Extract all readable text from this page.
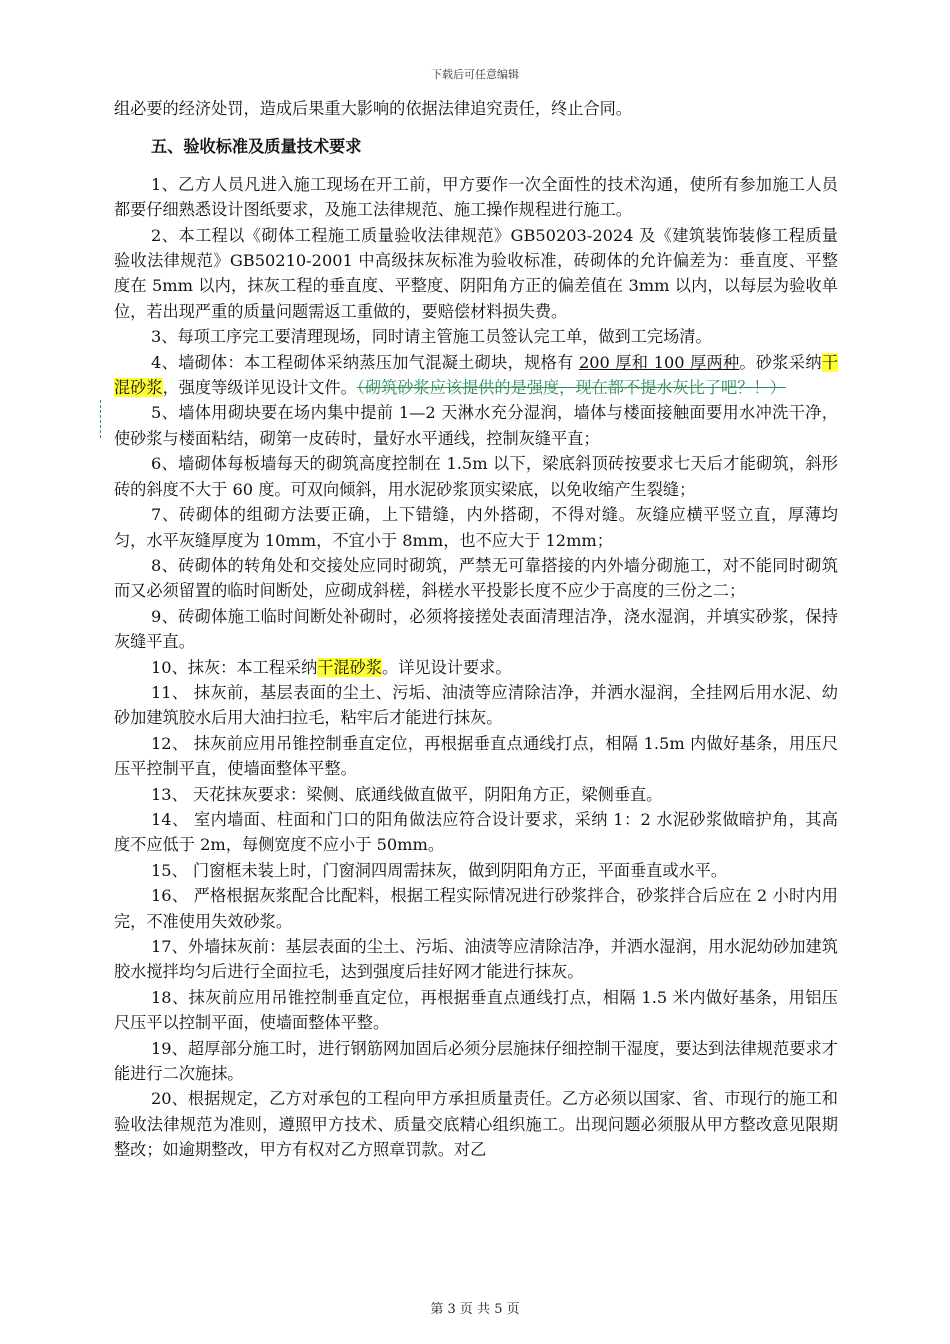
下载后可任意编辑

组必要的经济处罚，造成后果重大影响的依据法律追究责任，终止合同。

五、验收标准及质量技术要求

1、乙方人员凡进入施工现场在开工前，甲方要作一次全面性的技术沟通，使所有参加施工人员都要仔细熟悉设计图纸要求，及施工法律规范、施工操作规程进行施工。

2、本工程以《砌体工程施工质量验收法律规范》GB50203-2024 及《建筑装饰装修工程质量验收法律规范》GB50210-2001 中高级抹灰标准为验收标准，砖砌体的允许偏差为：垂直度、平整度在 5mm 以内，抹灰工程的垂直度、平整度、阴阳角方正的偏差值在 3mm 以内，以每层为验收单位，若出现严重的质量问题需返工重做的，要赔偿材料损失费。

3、每项工序完工要清理现场，同时请主管施工员签认完工单，做到工完场清。

4、墙砌体：本工程砌体采纳蒸压加气混凝土砌块，规格有 200 厚和 100 厚两种。砂浆采纳干混砂浆，强度等级详见设计文件。（砌筑砂浆应该提供的是强度，现在都不提水灰比了吧？！）

5、墙体用砌块要在场内集中提前 1—2 天淋水充分湿润，墙体与楼面接触面要用水冲洗干净，使砂浆与楼面粘结，砌第一皮砖时，量好水平通线，控制灰缝平直；

6、墙砌体每板墙每天的砌筑高度控制在 1.5m 以下，梁底斜顶砖按要求七天后才能砌筑，斜形砖的斜度不大于 60 度。可双向倾斜，用水泥砂浆顶实梁底，以免收缩产生裂缝；

7、砖砌体的组砌方法要正确，上下错缝，内外搭砌，不得对缝。灰缝应横平竖立直，厚薄均匀，水平灰缝厚度为 10mm，不宜小于 8mm，也不应大于 12mm；

8、砖砌体的转角处和交接处应同时砌筑，严禁无可靠搭接的内外墙分砌施工，对不能同时砌筑而又必须留置的临时间断处，应砌成斜槎，斜槎水平投影长度不应少于高度的三份之二；

9、砖砌体施工临时间断处补砌时，必须将接搓处表面清理洁净，浇水湿润，并填实砂浆，保持灰缝平直。

10、抹灰：本工程采纳干混砂浆。详见设计要求。

11、 抹灰前，基层表面的尘土、污垢、油渍等应清除洁净，并洒水湿润，全挂网后用水泥、幼砂加建筑胶水后用大油扫拉毛，粘牢后才能进行抹灰。

12、 抹灰前应用吊锥控制垂直定位，再根据垂直点通线打点，相隔 1.5m 内做好基条，用压尺压平控制平直，使墙面整体平整。

13、 天花抹灰要求：梁侧、底通线做直做平，阴阳角方正，梁侧垂直。

14、 室内墙面、柱面和门口的阳角做法应符合设计要求，采纳 1：2 水泥砂浆做暗护角，其高度不应低于 2m，每侧宽度不应小于 50mm。

15、 门窗框未装上时，门窗洞四周需抹灰，做到阴阳角方正，平面垂直或水平。

16、 严格根据灰浆配合比配料，根据工程实际情况进行砂浆拌合，砂浆拌合后应在 2 小时内用完，不准使用失效砂浆。

17、外墙抹灰前：基层表面的尘土、污垢、油渍等应清除洁净，并洒水湿润，用水泥幼砂加建筑胶水搅拌均匀后进行全面拉毛，达到强度后挂好网才能进行抹灰。

18、抹灰前应用吊锥控制垂直定位，再根据垂直点通线打点，相隔 1.5 米内做好基条，用铝压尺压平以控制平面，使墙面整体平整。

19、超厚部分施工时，进行钢筋网加固后必须分层施抹仔细控制干湿度，要达到法律规范要求才能进行二次施抹。

20、根据规定，乙方对承包的工程向甲方承担质量责任。乙方必须以国家、省、市现行的施工和验收法律规范为准则，遵照甲方技术、质量交底精心组织施工。出现问题必须服从甲方整改意见限期整改；如逾期整改，甲方有权对乙方照章罚款。对乙

第 3 页 共 5 页
